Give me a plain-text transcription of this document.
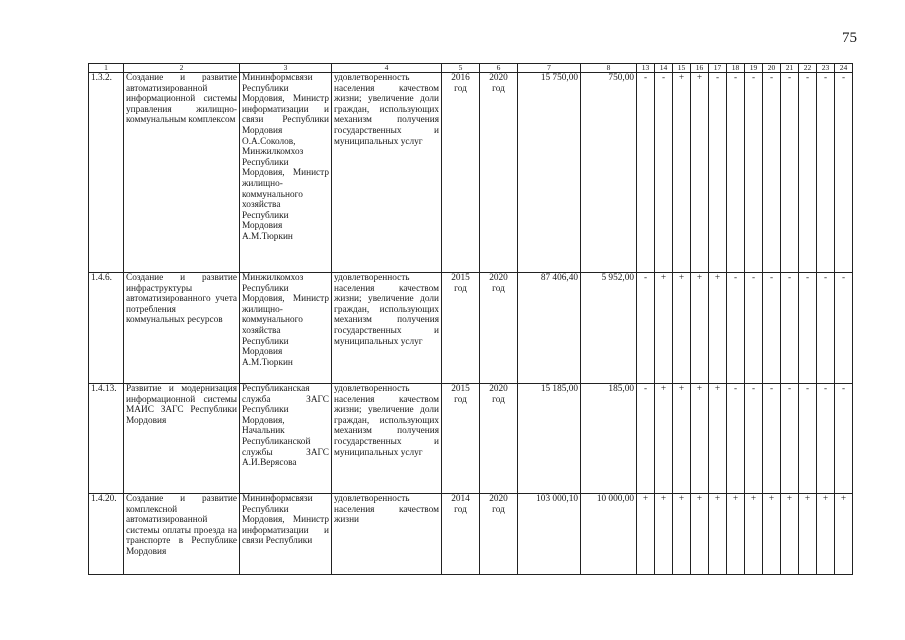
75
1	2	3	4	5	6	7	8	13	14	15	16	17	18	19	20	21	22	23	24
1.3.2.	Создание и развитие автоматизированной информационной системы управления жилищно-коммунальным комплексом	Мининформсвязи Республики Мордовия, Министр информатизации и связи Республики Мордовия О.А.Соколов, Минжилкомхоз Республики Мордовия, Министр жилищно-коммунального хозяйства Республики Мордовия А.М.Тюркин	удовлетворенность населения качеством жизни; увеличение доли граждан, использующих механизм получения государственных и муниципальных услуг	2016 год	2020 год	15 750,00	750,00	-	-	+	+	-	-	-	-	-	-	-	-
1.4.6.	Создание и развитие инфраструктуры автоматизированного учета потребления коммунальных ресурсов	Минжилкомхоз Республики Мордовия, Министр жилищно-коммунального хозяйства Республики Мордовия А.М.Тюркин	удовлетворенность населения качеством жизни; увеличение доли граждан, использующих механизм получения государственных и муниципальных услуг	2015 год	2020 год	87 406,40	5 952,00	-	+	+	+	+	-	-	-	-	-	-	-
1.4.13.	Развитие и модернизация информационной системы МАИС ЗАГС Республики Мордовия	Республиканская служба ЗАГС Республики Мордовия, Начальник Республиканской службы ЗАГС А.И.Верясова	удовлетворенность населения качеством жизни; увеличение доли граждан, использующих механизм получения государственных и муниципальных услуг	2015 год	2020 год	15 185,00	185,00	-	+	+	+	+	-	-	-	-	-	-	-
1.4.20.	Создание и развитие комплексной автоматизированной системы оплаты проезда на транспорте в Республике Мордовия	Мининформсвязи Республики Мордовия, Министр информатизации и связи Республики	удовлетворенность населения качеством жизни	2014 год	2020 год	103 000,10	10 000,00	+	+	+	+	+	+	+	+	+	+	+	+
